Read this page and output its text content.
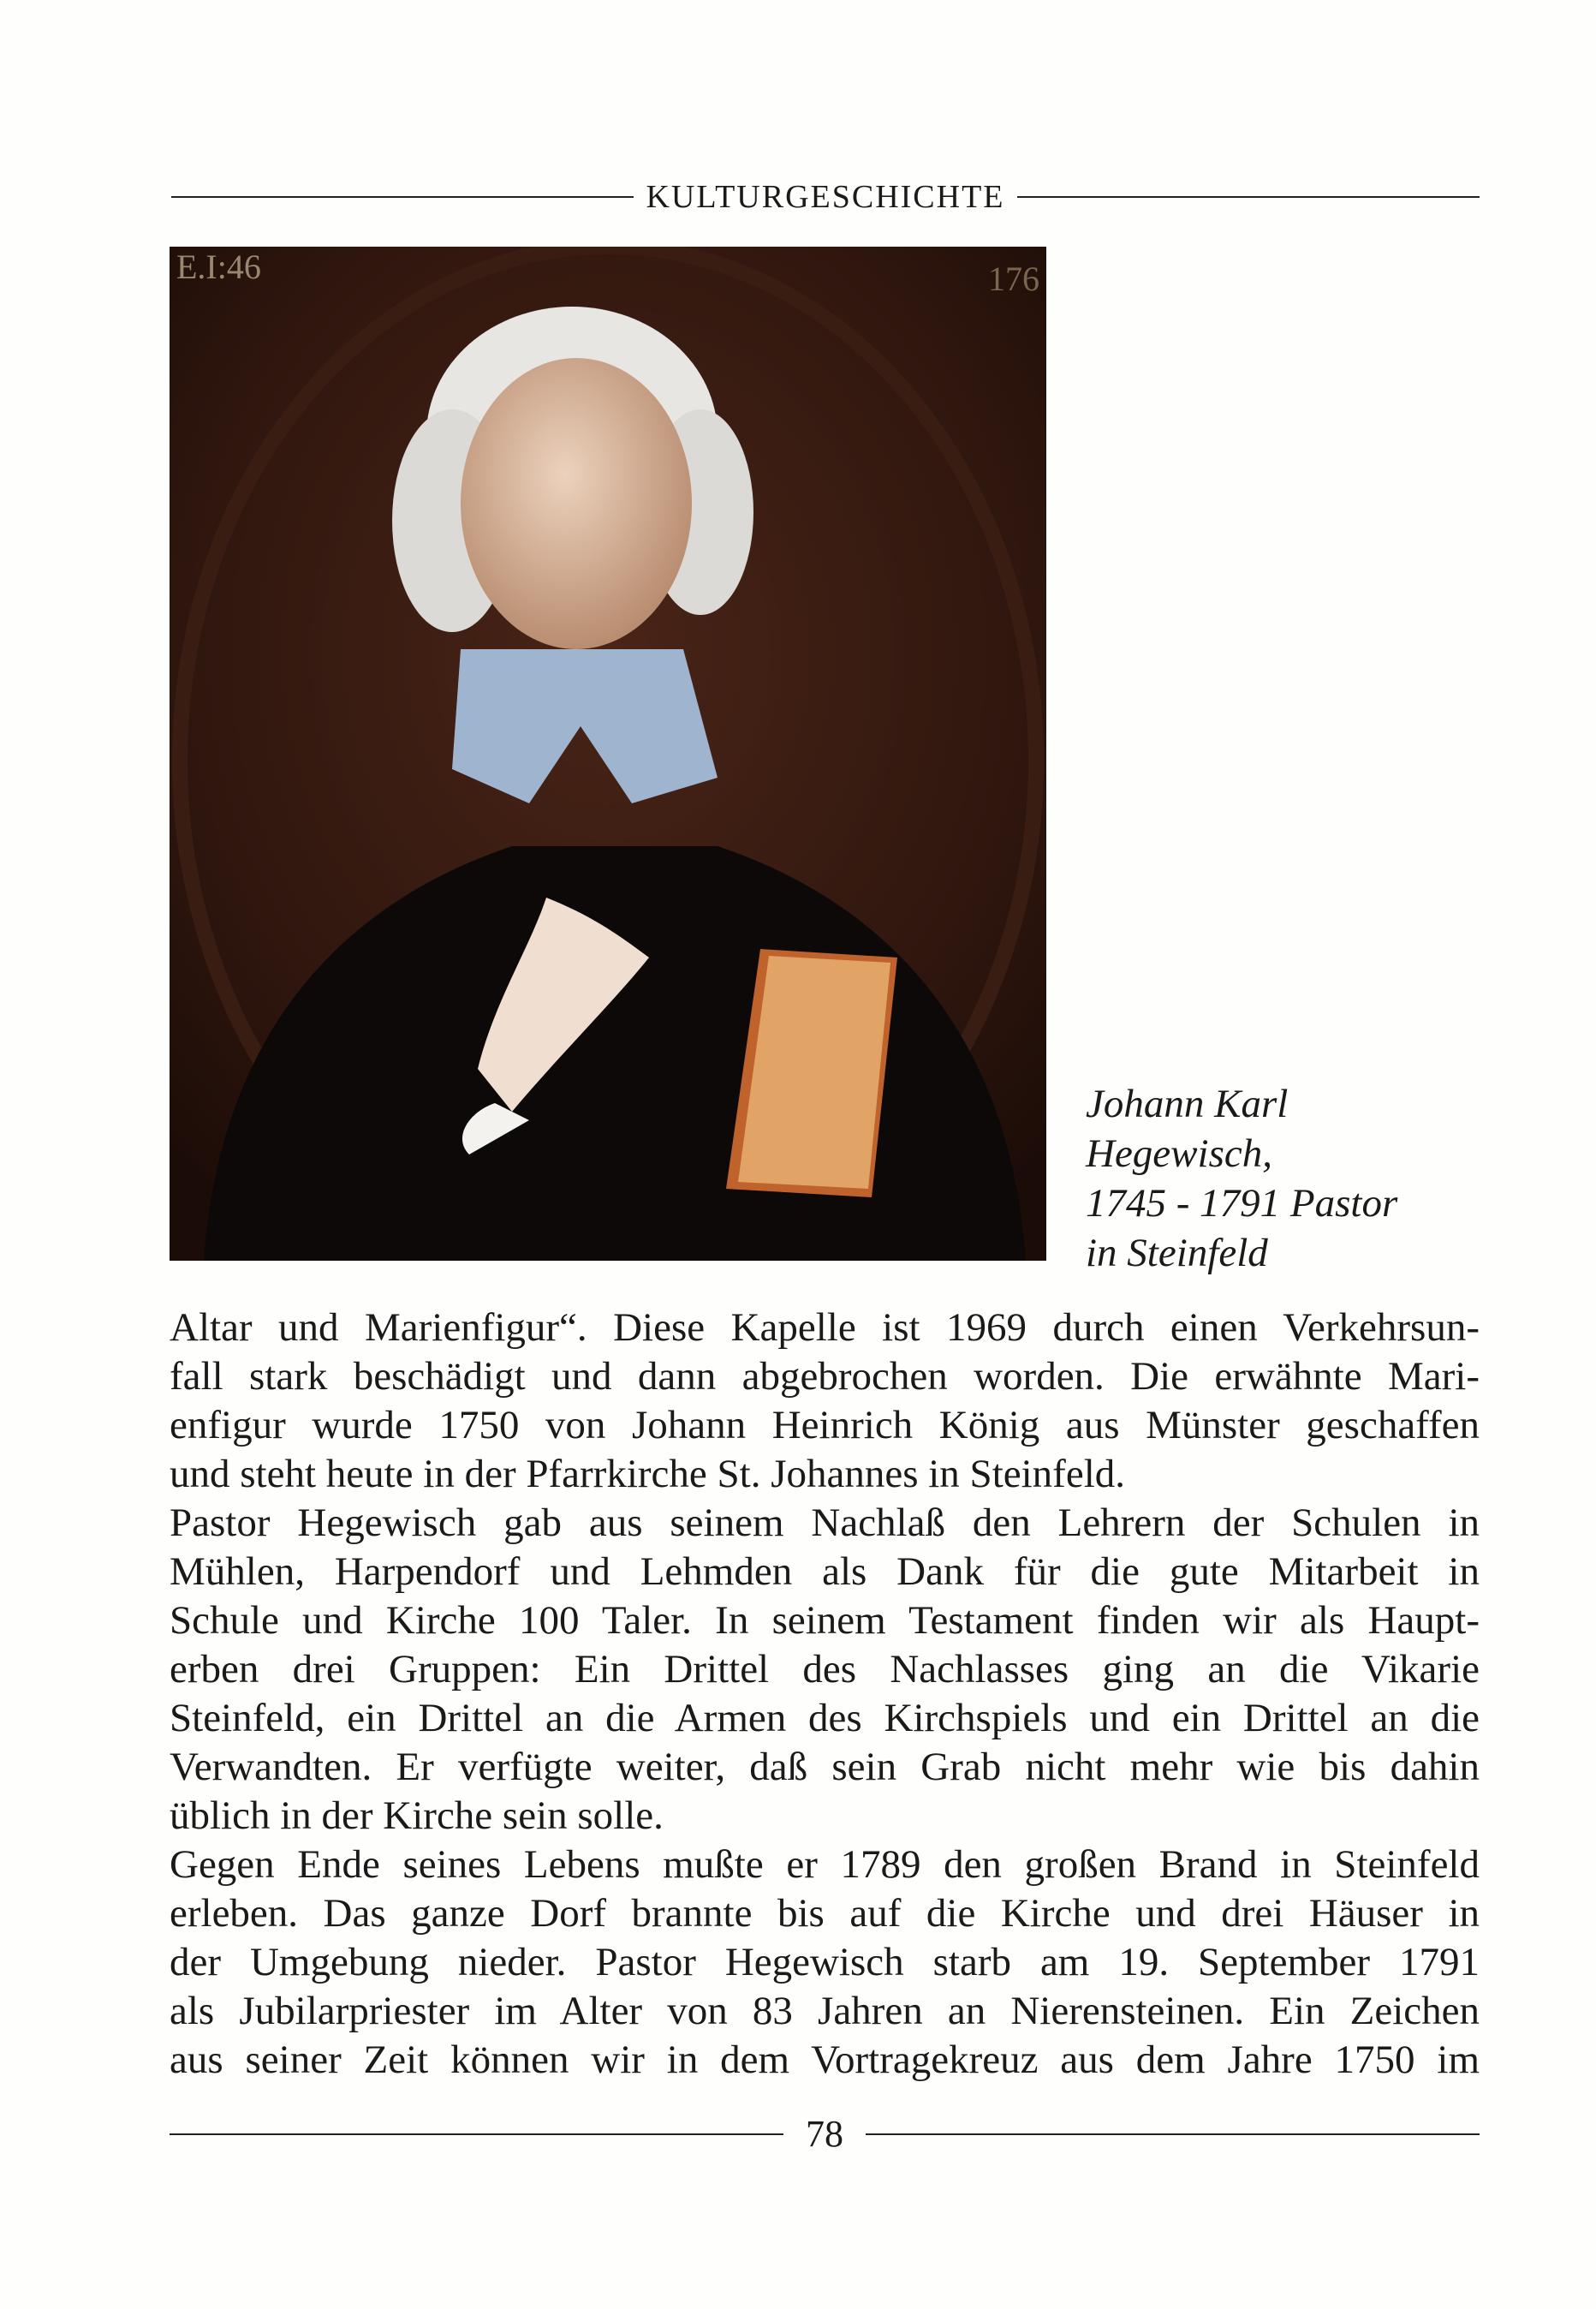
KULTURGESCHICHTE
E.I:46	176
Johann Karl
Hegewisch,
1745 - 1791 Pastor
in Steinfeld
Altar und Marienfigur“. Diese Kapelle ist 1969 durch einen Verkehrsun-
fall stark beschädigt und dann abgebrochen worden. Die erwähnte Mari-
enfigur wurde 1750 von Johann Heinrich König aus Münster geschaffen
und steht heute in der Pfarrkirche St. Johannes in Steinfeld.
Pastor Hegewisch gab aus seinem Nachlaß den Lehrern der Schulen in
Mühlen, Harpendorf und Lehmden als Dank für die gute Mitarbeit in
Schule und Kirche 100 Taler. In seinem Testament finden wir als Haupt-
erben drei Gruppen: Ein Drittel des Nachlasses ging an die Vikarie
Steinfeld, ein Drittel an die Armen des Kirchspiels und ein Drittel an die
Verwandten. Er verfügte weiter, daß sein Grab nicht mehr wie bis dahin
üblich in der Kirche sein solle.
Gegen Ende seines Lebens mußte er 1789 den großen Brand in Steinfeld
erleben. Das ganze Dorf brannte bis auf die Kirche und drei Häuser in
der Umgebung nieder. Pastor Hegewisch starb am 19. September 1791
als Jubilarpriester im Alter von 83 Jahren an Nierensteinen. Ein Zeichen
aus seiner Zeit können wir in dem Vortragekreuz aus dem Jahre 1750 im
78
